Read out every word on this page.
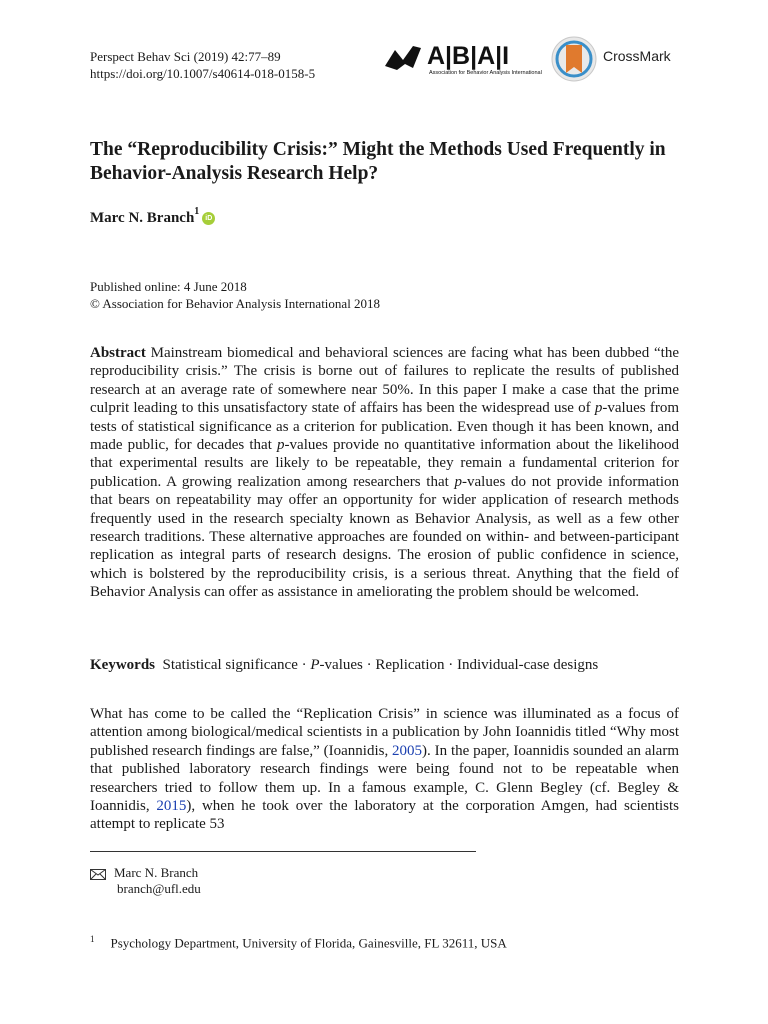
Perspect Behav Sci (2019) 42:77–89
https://doi.org/10.1007/s40614-018-0158-5
A|B|A|I
Association for Behavior Analysis International
CrossMark
The “Reproducibility Crisis:” Might the Methods Used Frequently in Behavior-Analysis Research Help?
Marc N. Branch$^1$iD
Published online: 4 June 2018
© Association for Behavior Analysis International 2018
Abstract Mainstream biomedical and behavioral sciences are facing what has been dubbed “the reproducibility crisis.” The crisis is borne out of failures to replicate the results of published research at an average rate of somewhere near 50%. In this paper I make a case that the prime culprit leading to this unsatisfactory state of affairs has been the widespread use of p-values from tests of statistical significance as a criterion for publication. Even though it has been known, and made public, for decades that p-values provide no quantitative information about the likelihood that experimental results are likely to be repeatable, they remain a fundamental criterion for publication. A growing realization among researchers that p-values do not provide information that bears on repeatability may offer an opportunity for wider application of research methods frequently used in the research specialty known as Behavior Analysis, as well as a few other research traditions. These alternative approaches are founded on within- and between-participant replication as integral parts of research designs. The erosion of public confidence in science, which is bolstered by the reproducibility crisis, is a serious threat. Anything that the field of Behavior Analysis can offer as assistance in ameliorating the problem should be welcomed.
Keywords Statistical significance · P-values · Replication · Individual-case designs
What has come to be called the “Replication Crisis” in science was illuminated as a focus of attention among biological/medical scientists in a publication by John Ioannidis titled “Why most published research findings are false,” (Ioannidis, 2005). In the paper, Ioannidis sounded an alarm that published laboratory research findings were being found not to be repeatable when researchers tried to follow them up. In a famous example, C. Glenn Begley (cf. Begley & Ioannidis, 2015), when he took over the laboratory at the corporation Amgen, had scientists attempt to replicate 53
Marc N. Branch
branch@ufl.edu
$^1$ Psychology Department, University of Florida, Gainesville, FL 32611, USA
